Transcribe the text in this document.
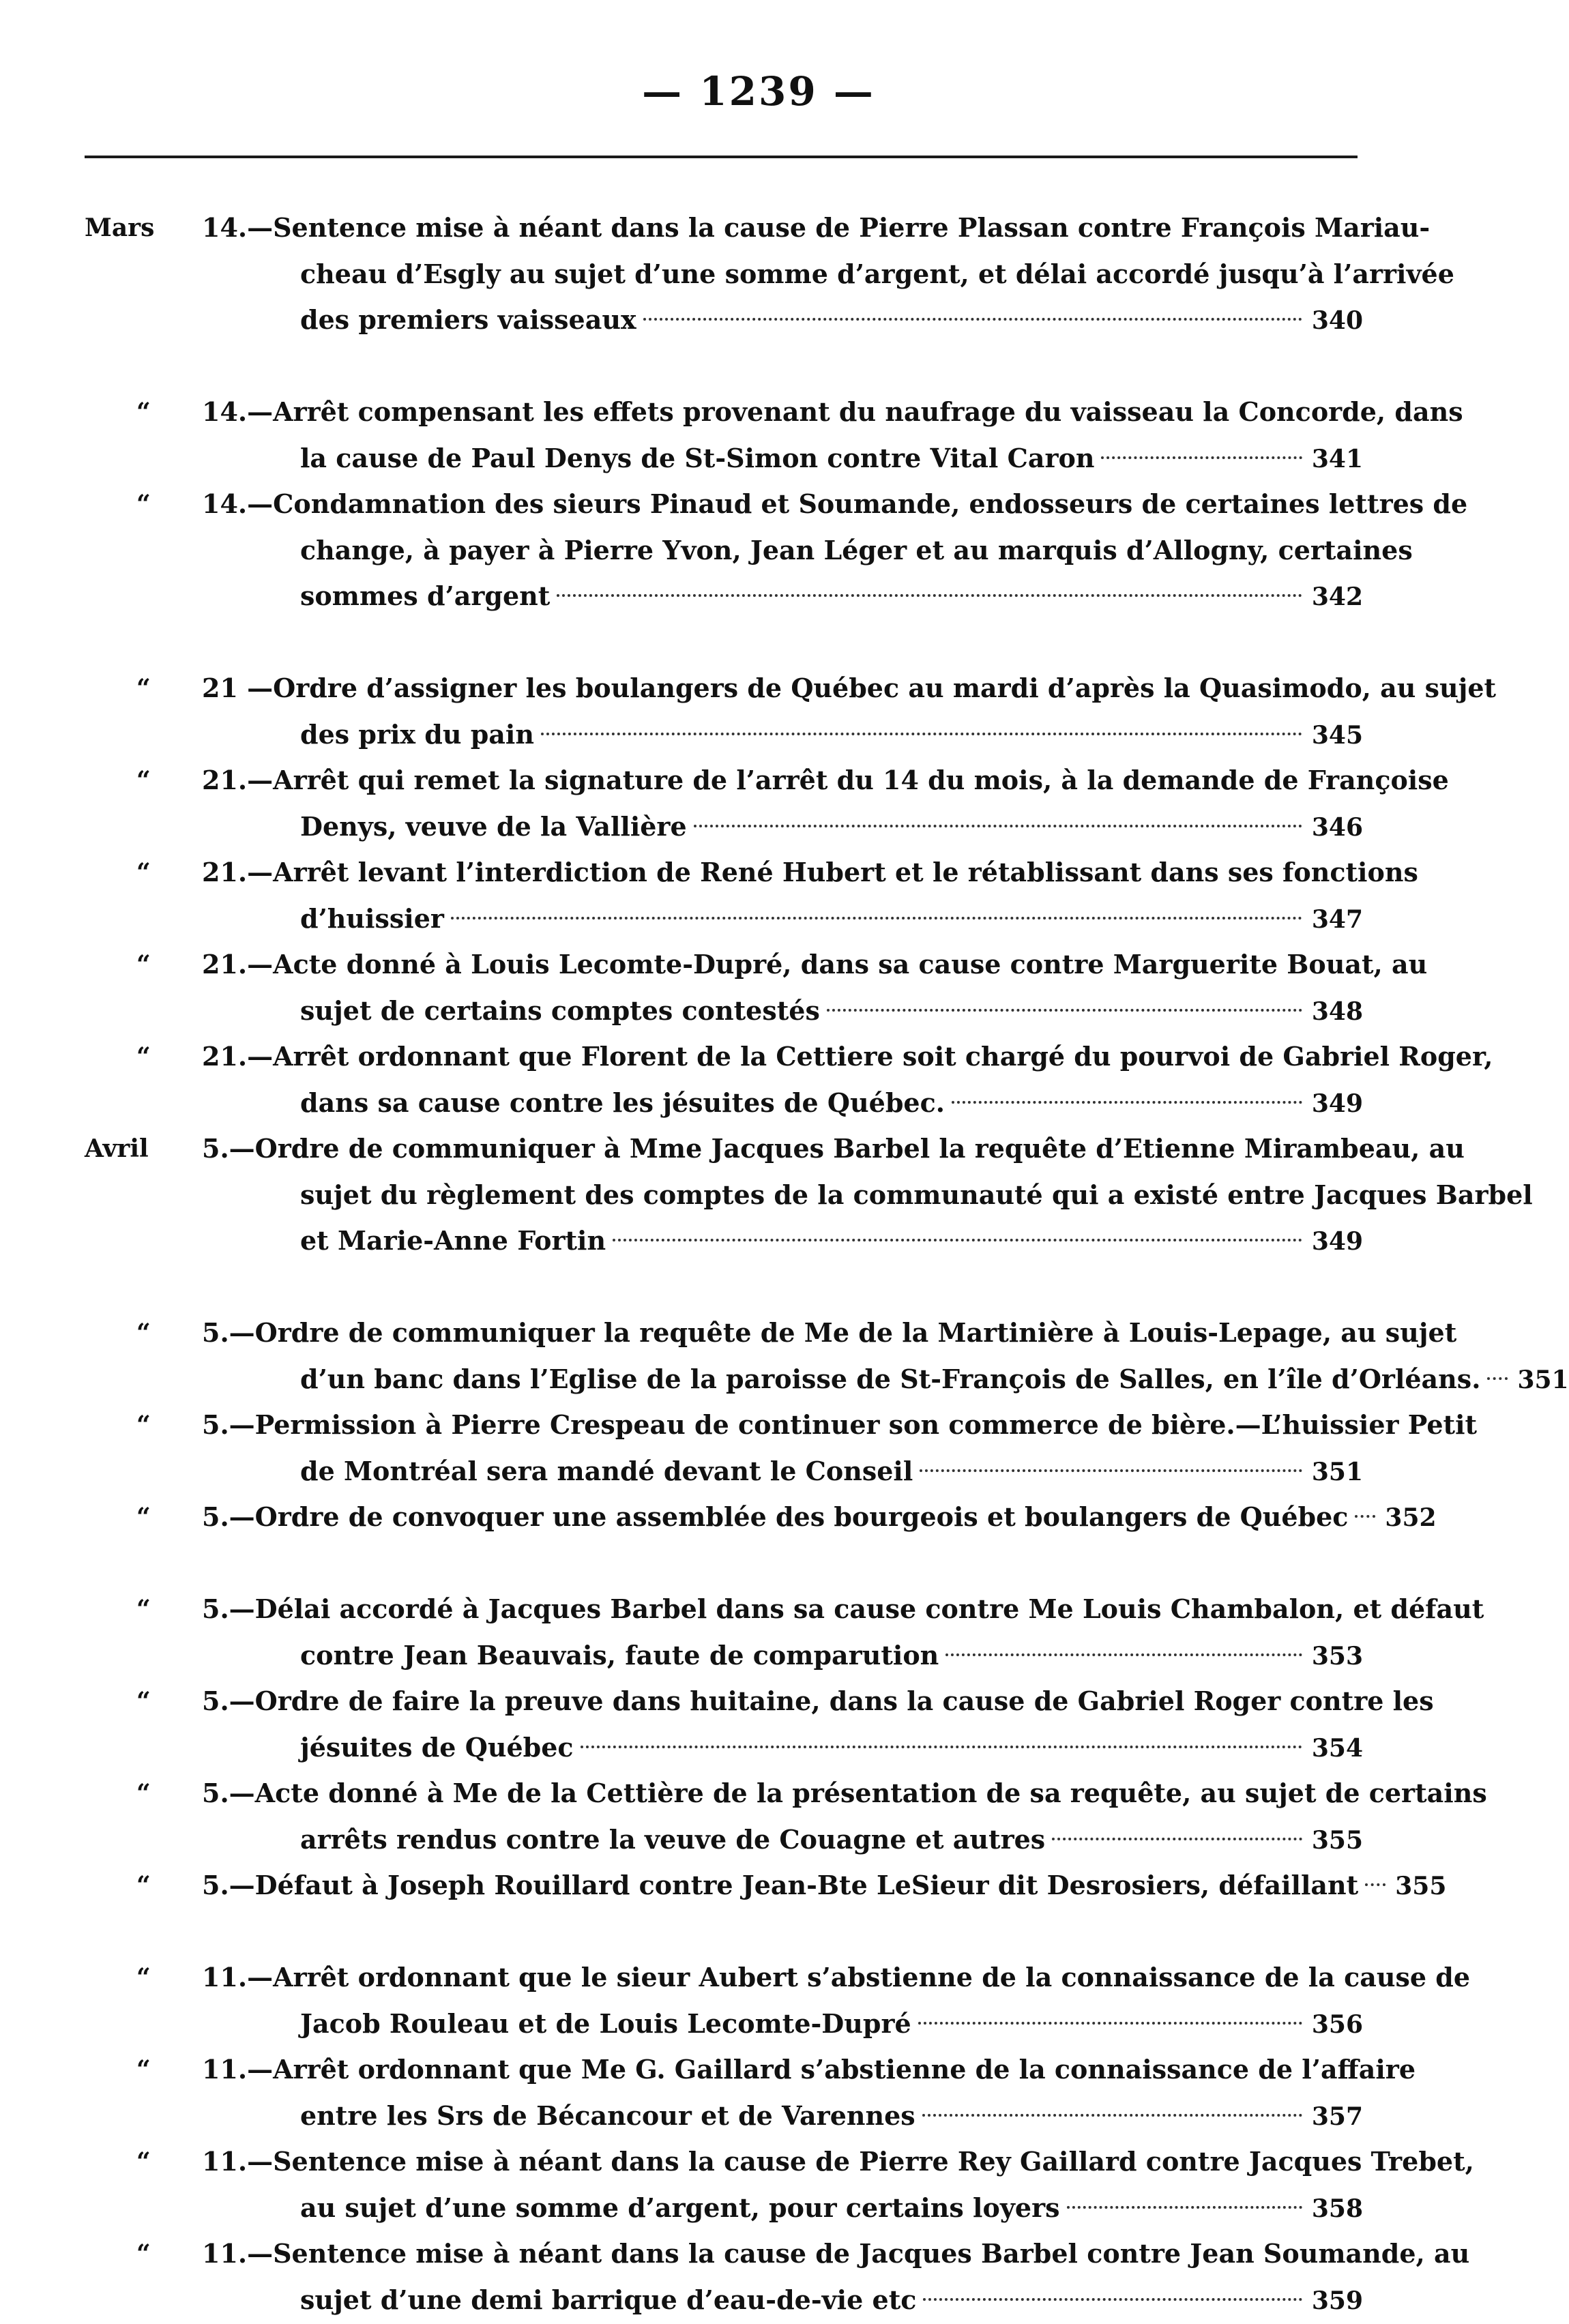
— 1239 —
Mars 14.—Sentence mise à néant dans la cause de Pierre Plassan contre François Mariau-
cheau d’Esgly au sujet d’une somme d’argent, et délai accordé jusqu’à l’arrivée
des premiers vaisseaux	340
“ 14.—Arrêt compensant les effets provenant du naufrage du vaisseau la Concorde, dans
la cause de Paul Denys de St-Simon contre Vital Caron	341
“ 14.—Condamnation des sieurs Pinaud et Soumande, endosseurs de certaines lettres de
change, à payer à Pierre Yvon, Jean Léger et au marquis d’Allogny, certaines
sommes d’argent	342
“ 21 —Ordre d’assigner les boulangers de Québec au mardi d’après la Quasimodo, au sujet
des prix du pain	345
“ 21.—Arrêt qui remet la signature de l’arrêt du 14 du mois, à la demande de Françoise
Denys, veuve de la Vallière	346
“ 21.—Arrêt levant l’interdiction de René Hubert et le rétablissant dans ses fonctions
d’huissier	347
“ 21.—Acte donné à Louis Lecomte-Dupré, dans sa cause contre Marguerite Bouat, au
sujet de certains comptes contestés	348
“ 21.—Arrêt ordonnant que Florent de la Cettiere soit chargé du pourvoi de Gabriel Roger,
dans sa cause contre les jésuites de Québec.	349
Avril 5.—Ordre de communiquer à Mme Jacques Barbel la requête d’Etienne Mirambeau, au
sujet du règlement des comptes de la communauté qui a existé entre Jacques Barbel
et Marie-Anne Fortin	349
“ 5.—Ordre de communiquer la requête de Me de la Martinière à Louis-Lepage, au sujet
d’un banc dans l’Eglise de la paroisse de St-François de Salles, en l’île d’Orléans. 351
“ 5.—Permission à Pierre Crespeau de continuer son commerce de bière.—L’huissier Petit
de Montréal sera mandé devant le Conseil	351
“ 5.—Ordre de convoquer une assemblée des bourgeois et boulangers de Québec 352
“ 5.—Délai accordé à Jacques Barbel dans sa cause contre Me Louis Chambalon, et défaut
contre Jean Beauvais, faute de comparution	353
“ 5.—Ordre de faire la preuve dans huitaine, dans la cause de Gabriel Roger contre les
jésuites de Québec	354
“ 5.—Acte donné à Me de la Cettière de la présentation de sa requête, au sujet de certains
arrêts rendus contre la veuve de Couagne et autres	355
“ 5.—Défaut à Joseph Rouillard contre Jean-Bte LeSieur dit Desrosiers, défaillant 355
“ 11.—Arrêt ordonnant que le sieur Aubert s’abstienne de la connaissance de la cause de
Jacob Rouleau et de Louis Lecomte-Dupré	356
“ 11.—Arrêt ordonnant que Me G. Gaillard s’abstienne de la connaissance de l’affaire
entre les Srs de Bécancour et de Varennes	357
“ 11.—Sentence mise à néant dans la cause de Pierre Rey Gaillard contre Jacques Trebet,
au sujet d’une somme d’argent, pour certains loyers	358
“ 11.—Sentence mise à néant dans la cause de Jacques Barbel contre Jean Soumande, au
sujet d’une demi barrique d’eau-de-vie etc	359
